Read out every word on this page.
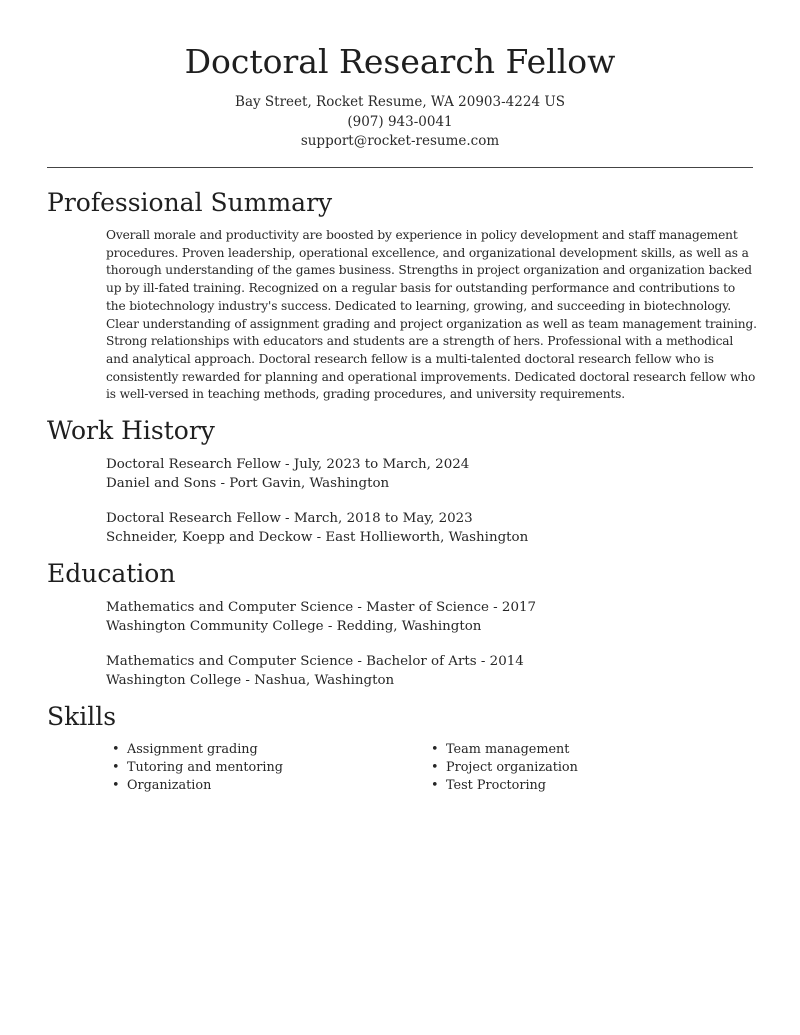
Doctoral Research Fellow
Bay Street, Rocket Resume, WA 20903-4224 US
(907) 943-0041
support@rocket-resume.com
Professional Summary

Overall morale and productivity are boosted by experience in policy development and staff management procedures. Proven leadership, operational excellence, and organizational development skills, as well as a thorough understanding of the games business. Strengths in project organization and organization backed up by ill-fated training. Recognized on a regular basis for outstanding performance and contributions to the biotechnology industry's success. Dedicated to learning, growing, and succeeding in biotechnology. Clear understanding of assignment grading and project organization as well as team management training. Strong relationships with educators and students are a strength of hers. Professional with a methodical and analytical approach. Doctoral research fellow is a multi-talented doctoral research fellow who is consistently rewarded for planning and operational improvements. Dedicated doctoral research fellow who is well-versed in teaching methods, grading procedures, and university requirements.

Work History
Doctoral Research Fellow - July, 2023 to March, 2024
Daniel and Sons - Port Gavin, Washington
Doctoral Research Fellow - March, 2018 to May, 2023
Schneider, Koepp and Deckow - East Hollieworth, Washington
Education
Mathematics and Computer Science - Master of Science - 2017
Washington Community College - Redding, Washington
Mathematics and Computer Science - Bachelor of Arts - 2014
Washington College - Nashua, Washington
Skills
• Assignment grading
• Tutoring and mentoring
• Organization
• Team management
• Project organization
• Test Proctoring
